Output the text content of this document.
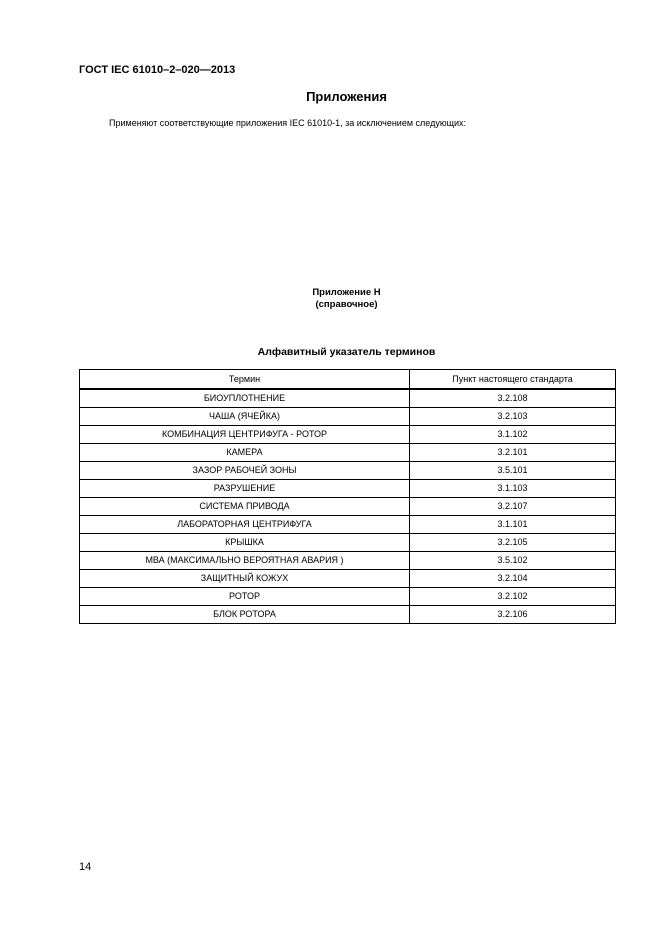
ГОСТ IEC 61010–2–020—2013
Приложения
Применяют соответствующие приложения IEC 61010-1, за исключением следующих:
Приложение Н
(справочное)
Алфавитный указатель терминов
Термин	Пункт настоящего стандарта
БИОУПЛОТНЕНИЕ	3.2.108
ЧАША (ЯЧЕЙКА)	3.2.103
КОМБИНАЦИЯ ЦЕНТРИФУГА - РОТОР	3.1.102
КАМЕРА	3.2.101
ЗАЗОР РАБОЧЕЙ ЗОНЫ	3.5.101
РАЗРУШЕНИЕ	3.1.103
СИСТЕМА ПРИВОДА	3.2.107
ЛАБОРАТОРНАЯ ЦЕНТРИФУГА	3.1.101
КРЫШКА	3.2.105
МВА (МАКСИМАЛЬНО ВЕРОЯТНАЯ АВАРИЯ )	3.5.102
ЗАЩИТНЫЙ КОЖУХ	3.2.104
РОТОР	3.2.102
БЛОК РОТОРА	3.2.106
14
